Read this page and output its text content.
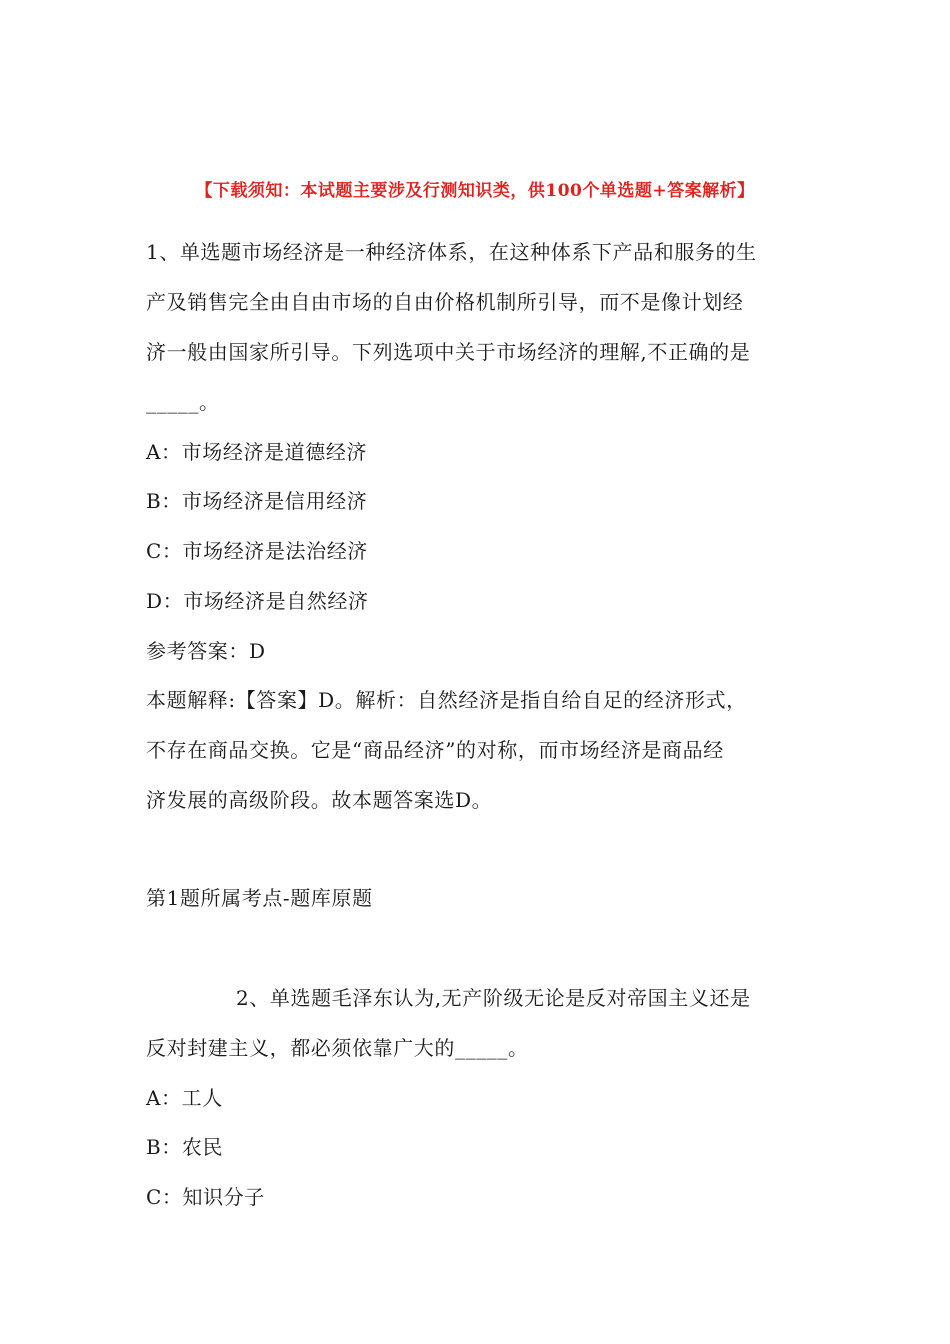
【下载须知：本试题主要涉及行测知识类，供100个单选题+答案解析】
1、单选题市场经济是一种经济体系，在这种体系下产品和服务的生
产及销售完全由自由市场的自由价格机制所引导，而不是像计划经
济一般由国家所引导。下列选项中关于市场经济的理解,不正确的是
_____。
A：市场经济是道德经济
B：市场经济是信用经济
C：市场经济是法治经济
D：市场经济是自然经济
参考答案：D
本题解释:【答案】D。解析：自然经济是指自给自足的经济形式，
不存在商品交换。它是“商品经济”的对称，而市场经济是商品经
济发展的高级阶段。故本题答案选D。
第1题所属考点-题库原题
2、单选题毛泽东认为,无产阶级无论是反对帝国主义还是
反对封建主义，都必须依靠广大的_____。
A：工人
B：农民
C：知识分子
